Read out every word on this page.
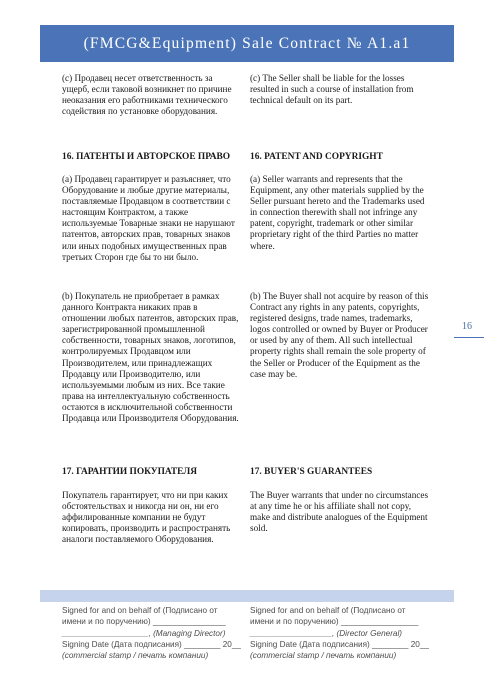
(FMCG&Equipment) Sale Contract № A1.a1

(c) Продавец несет ответственность за ущерб, если таковой возникнет по причине неоказания его работниками технического содействия по установке оборудования.

(c) The Seller shall be liable for the losses resulted in such a course of installation from technical default on its part.

16. ПАТЕНТЫ И АВТОРСКОЕ ПРАВО	16. PATENT AND COPYRIGHT

(a) Продавец гарантирует и разъясняет, что Оборудование и любые другие материалы, поставляемые Продавцом в соответствии с настоящим Контрактом, а также используемые Товарные знаки не нарушают патентов, авторских прав, товарных знаков или иных подобных имущественных прав третьих Сторон где бы то ни было.

(a) Seller warrants and represents that the Equipment, any other materials supplied by the Seller pursuant hereto and the Trademarks used in connection therewith shall not infringe any patent, copyright, trademark or other similar proprietary right of the third Parties no matter where.

(b) Покупатель не приобретает в рамках данного Контракта никаких прав в отношении любых патентов, авторских прав, зарегистрированной промышленной собственности, товарных знаков, логотипов, контролируемых Продавцом или Производителем, или принадлежащих Продавцу или Производителю, или используемыми любым из них. Все такие права на интеллектуальную собственность остаются в исключительной собственности Продавца или Производителя Оборудования.

(b) The Buyer shall not acquire by reason of this Contract any rights in any patents, copyrights, registered designs, trade names, trademarks, logos controlled or owned by Buyer or Producer or used by any of them. All such intellectual property rights shall remain the sole property of the Seller or Producer of the Equipment as the case may be.

16
17. ГАРАНТИИ ПОКУПАТЕЛЯ	17. BUYER'S GUARANTEES

Покупатель гарантирует, что ни при каких обстоятельствах и никогда ни он, ни его аффилированные компании не будут копировать, производить и распространять аналоги поставляемого Оборудования.

The Buyer warrants that under no circumstances at any time he or his affiliate shall not copy, make and distribute analogues of the Equipment sold.

Signed for and on behalf of (Подписано от

имени и по поручению) ________________

___________________, (Managing Director)

Signing Date (Дата подписания) ________ 20__

(commercial stamp / печать компании)

Signed for and on behalf of (Подписано от

имени и по поручению) _________________

__________________, (Director General)

Signing Date (Дата подписания) ________ 20__

(commercial stamp / печать компании)
